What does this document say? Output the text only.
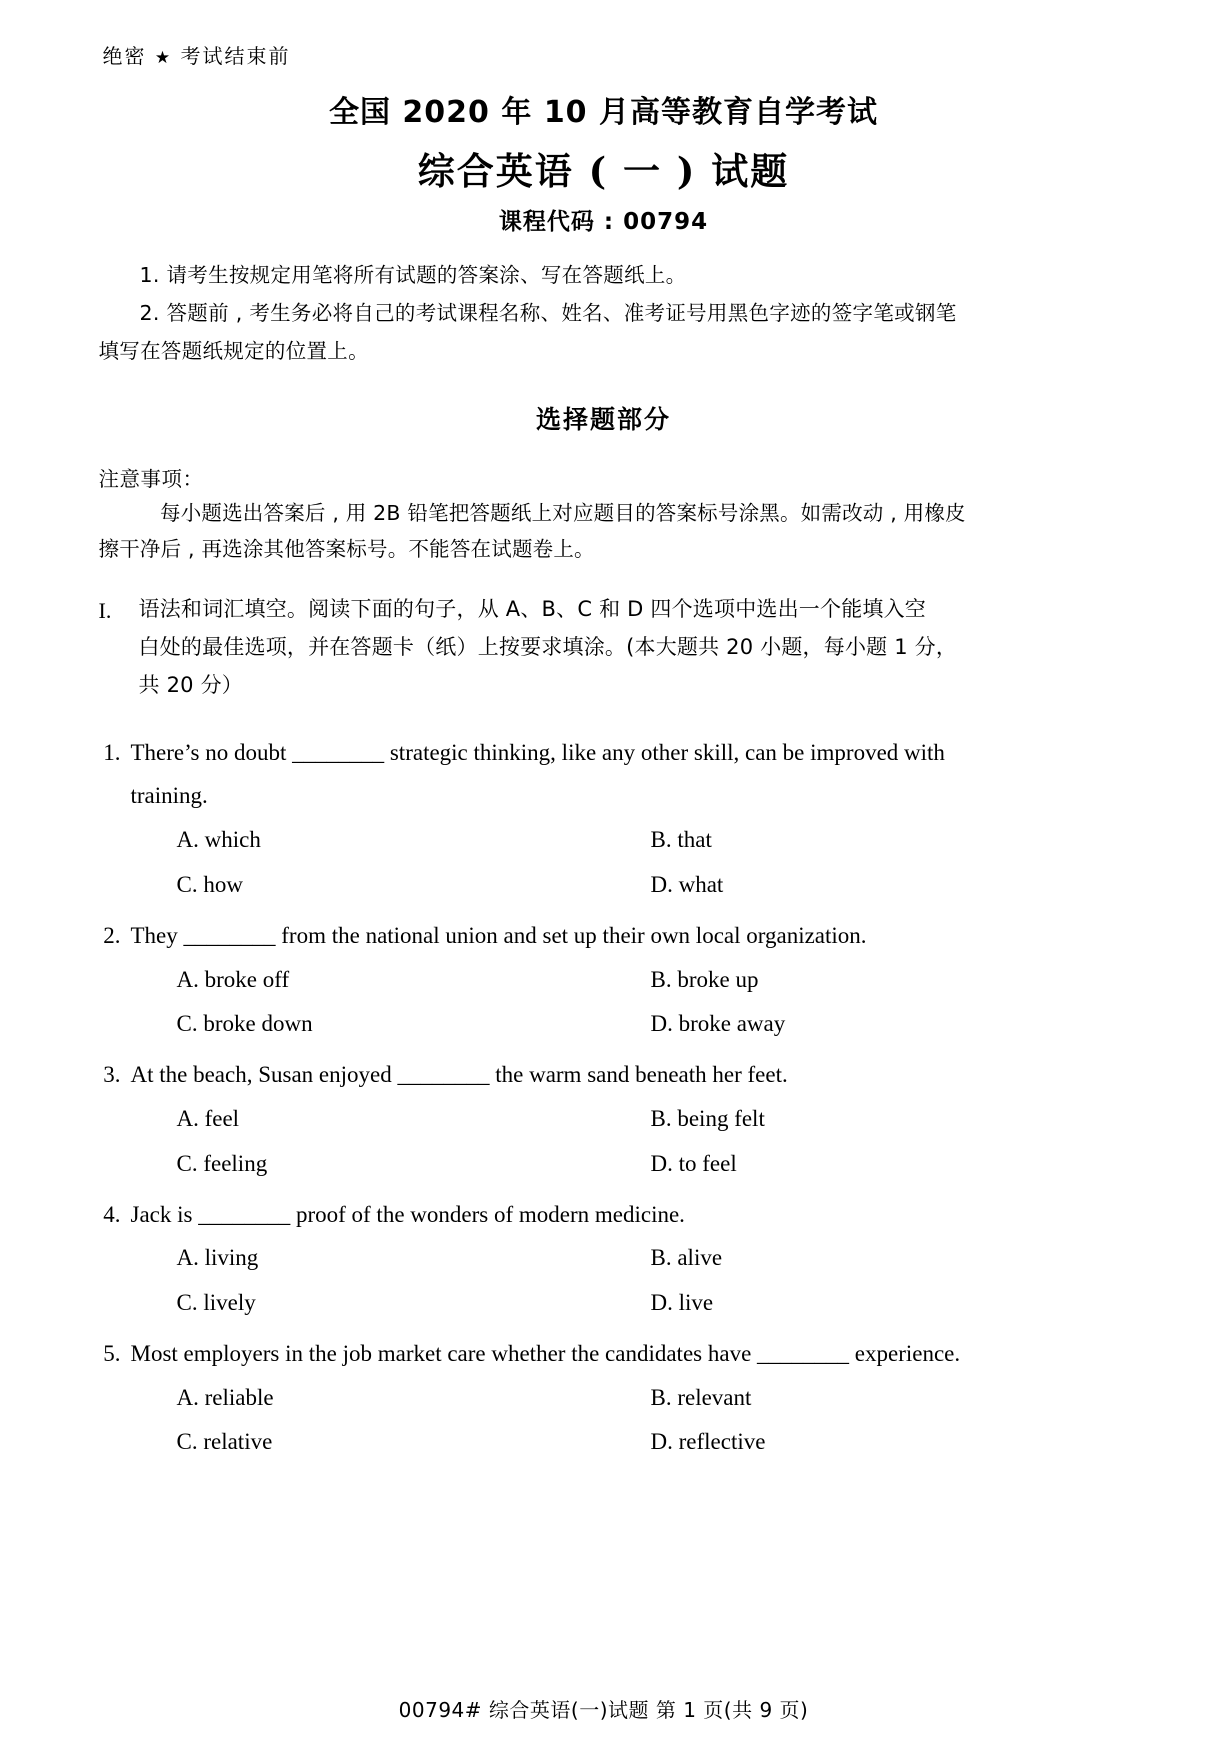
绝密 ★ 考试结束前
全国 2020 年 10 月高等教育自学考试
综合英语 ( 一 ) 试题
课程代码 : 00794
1. 请考生按规定用笔将所有试题的答案涂、写在答题纸上。
2. 答题前 , 考生务必将自己的考试课程名称、姓名、准考证号用黑色字迹的签字笔或钢笔
填写在答题纸规定的位置上。
选择题部分
注意事项：
每小题选出答案后 , 用 2B 铅笔把答题纸上对应题目的答案标号涂黑。如需改动 , 用橡皮
擦干净后 , 再选涂其他答案标号。不能答在试题卷上。
I.	语法和词汇填空。阅读下面的句子，从 A、B、C 和 D 四个选项中选出一个能填入空
白处的最佳选项，并在答题卡（纸）上按要求填涂。(本大题共 20 小题，每小题 1 分，
共 20 分）
1. There’s no doubt ________ strategic thinking, like any other skill, can be improved with
training.
A. which	B. that
C. how	D. what
2. They ________ from the national union and set up their own local organization.
A. broke off	B. broke up
C. broke down	D. broke away
3. At the beach, Susan enjoyed ________ the warm sand beneath her feet.
A. feel	B. being felt
C. feeling	D. to feel
4. Jack is ________ proof of the wonders of modern medicine.
A. living	B. alive
C. lively	D. live
5. Most employers in the job market care whether the candidates have ________ experience.
A. reliable	B. relevant
C. relative	D. reflective
00794# 综合英语(一)试题 第 1 页(共 9 页)
